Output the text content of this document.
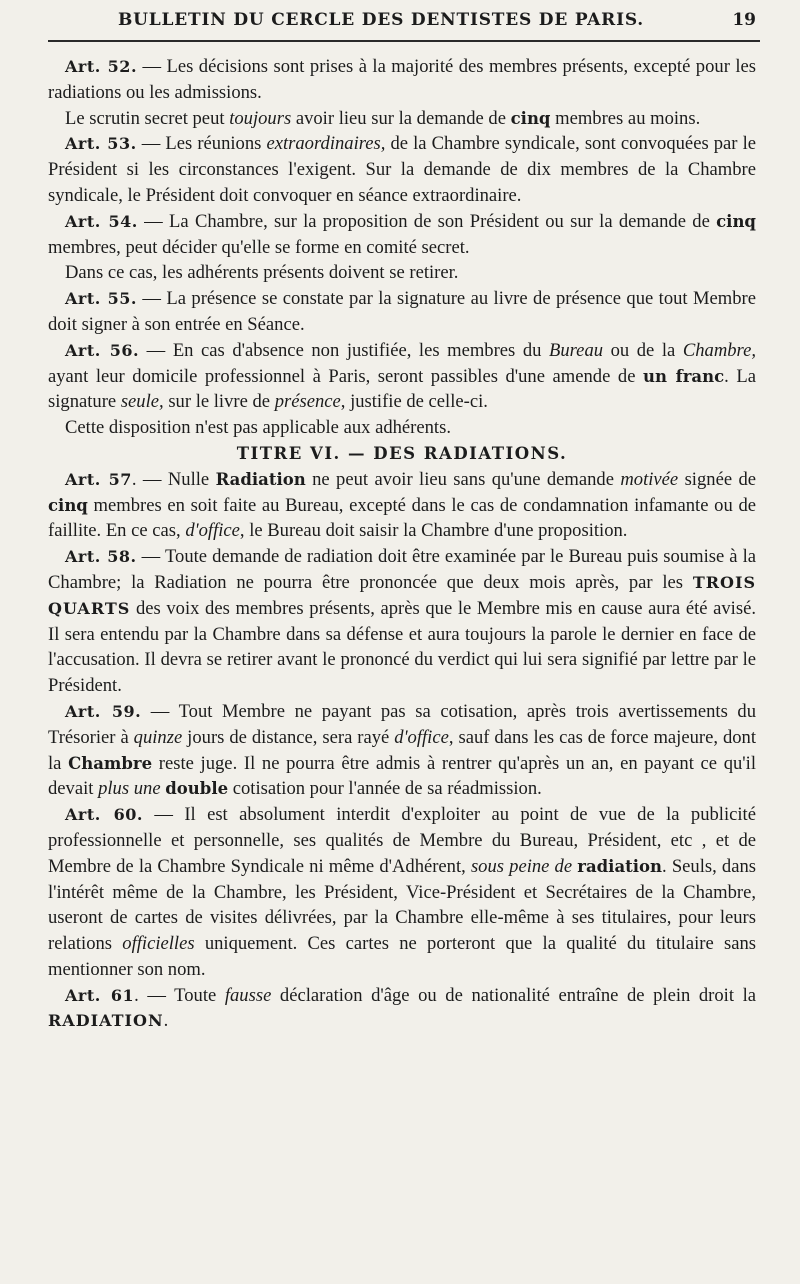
BULLETIN DU CERCLE DES DENTISTES DE PARIS.	19

Art. 52. — Les décisions sont prises à la majorité des membres présents, excepté pour les radiations ou les admissions.

Le scrutin secret peut toujours avoir lieu sur la demande de cinq membres au moins.

Art. 53. — Les réunions extraordinaires, de la Chambre syndicale, sont convoquées par le Président si les circonstances l'exigent. Sur la demande de dix membres de la Chambre syndicale, le Président doit convoquer en séance extraordinaire.

Art. 54. — La Chambre, sur la proposition de son Président ou sur la demande de cinq membres, peut décider qu'elle se forme en comité secret.

Dans ce cas, les adhérents présents doivent se retirer.

Art. 55. — La présence se constate par la signature au livre de présence que tout Membre doit signer à son entrée en Séance.

Art. 56. — En cas d'absence non justifiée, les membres du Bureau ou de la Chambre, ayant leur domicile professionnel à Paris, seront passibles d'une amende de un franc. La signature seule, sur le livre de présence, justifie de celle-ci.

Cette disposition n'est pas applicable aux adhérents.

TITRE VI. — DES RADIATIONS.

Art. 57. — Nulle Radiation ne peut avoir lieu sans qu'une demande motivée signée de cinq membres en soit faite au Bureau, excepté dans le cas de condamnation infamante ou de faillite. En ce cas, d'office, le Bureau doit saisir la Chambre d'une proposition.

Art. 58. — Toute demande de radiation doit être examinée par le Bureau puis soumise à la Chambre; la Radiation ne pourra être prononcée que deux mois après, par les TROIS QUARTS des voix des membres présents, après que le Membre mis en cause aura été avisé. Il sera entendu par la Chambre dans sa défense et aura toujours la parole le dernier en face de l'accusation. Il devra se retirer avant le prononcé du verdict qui lui sera signifié par lettre par le Président.

Art. 59. — Tout Membre ne payant pas sa cotisation, après trois avertissements du Trésorier à quinze jours de distance, sera rayé d'office, sauf dans les cas de force majeure, dont la Chambre reste juge. Il ne pourra être admis à rentrer qu'après un an, en payant ce qu'il devait plus une double cotisation pour l'année de sa réadmission.

Art. 60. — Il est absolument interdit d'exploiter au point de vue de la publicité professionnelle et personnelle, ses qualités de Membre du Bureau, Président, etc , et de Membre de la Chambre Syndicale ni même d'Adhérent, sous peine de radiation. Seuls, dans l'intérêt même de la Chambre, les Président, Vice-Président et Secrétaires de la Chambre, useront de cartes de visites délivrées, par la Chambre elle-même à ses titulaires, pour leurs relations officielles uniquement. Ces cartes ne porteront que la qualité du titulaire sans mentionner son nom.

Art. 61. — Toute fausse déclaration d'âge ou de nationalité entraîne de plein droit la RADIATION.
